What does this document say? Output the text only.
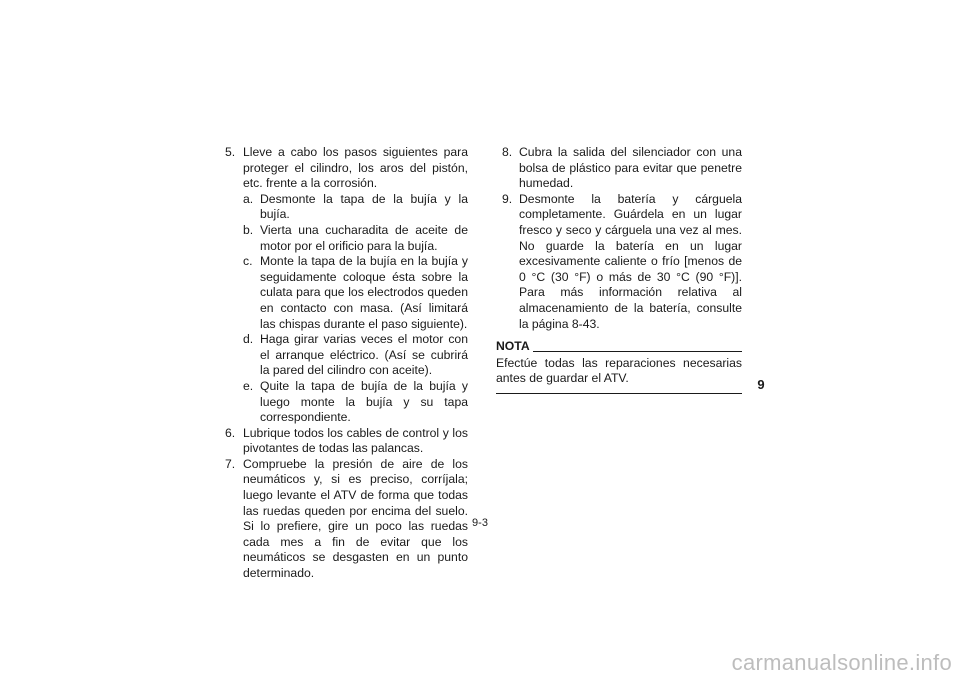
5. Lleve a cabo los pasos siguientes para proteger el cilindro, los aros del pistón, etc. frente a la corrosión.
a. Desmonte la tapa de la bujía y la bujía.
b. Vierta una cucharadita de aceite de motor por el orificio para la bujía.
c. Monte la tapa de la bujía en la bujía y seguidamente coloque ésta sobre la culata para que los electrodos queden en contacto con masa. (Así limitará las chispas durante el paso siguiente).
d. Haga girar varias veces el motor con el arranque eléctrico. (Así se cubrirá la pared del cilindro con aceite).
e. Quite la tapa de bujía de la bujía y luego monte la bujía y su tapa correspondiente.
6. Lubrique todos los cables de control y los pivotantes de todas las palancas.
7. Compruebe la presión de aire de los neumáticos y, si es preciso, corríjala; luego levante el ATV de forma que todas las ruedas queden por encima del suelo. Si lo prefiere, gire un poco las ruedas cada mes a fin de evitar que los neumáticos se desgasten en un punto determinado.
8. Cubra la salida del silenciador con una bolsa de plástico para evitar que penetre humedad.
9. Desmonte la batería y cárguela completamente. Guárdela en un lugar fresco y seco y cárguela una vez al mes. No guarde la batería en un lugar excesivamente caliente o frío [menos de 0 °C (30 °F) o más de 30 °C (90 °F)]. Para más información relativa al almacenamiento de la batería, consulte la página 8-43.
NOTA

Efectúe todas las reparaciones necesarias antes de guardar el ATV.	9
9-3
carmanualsonline.info
